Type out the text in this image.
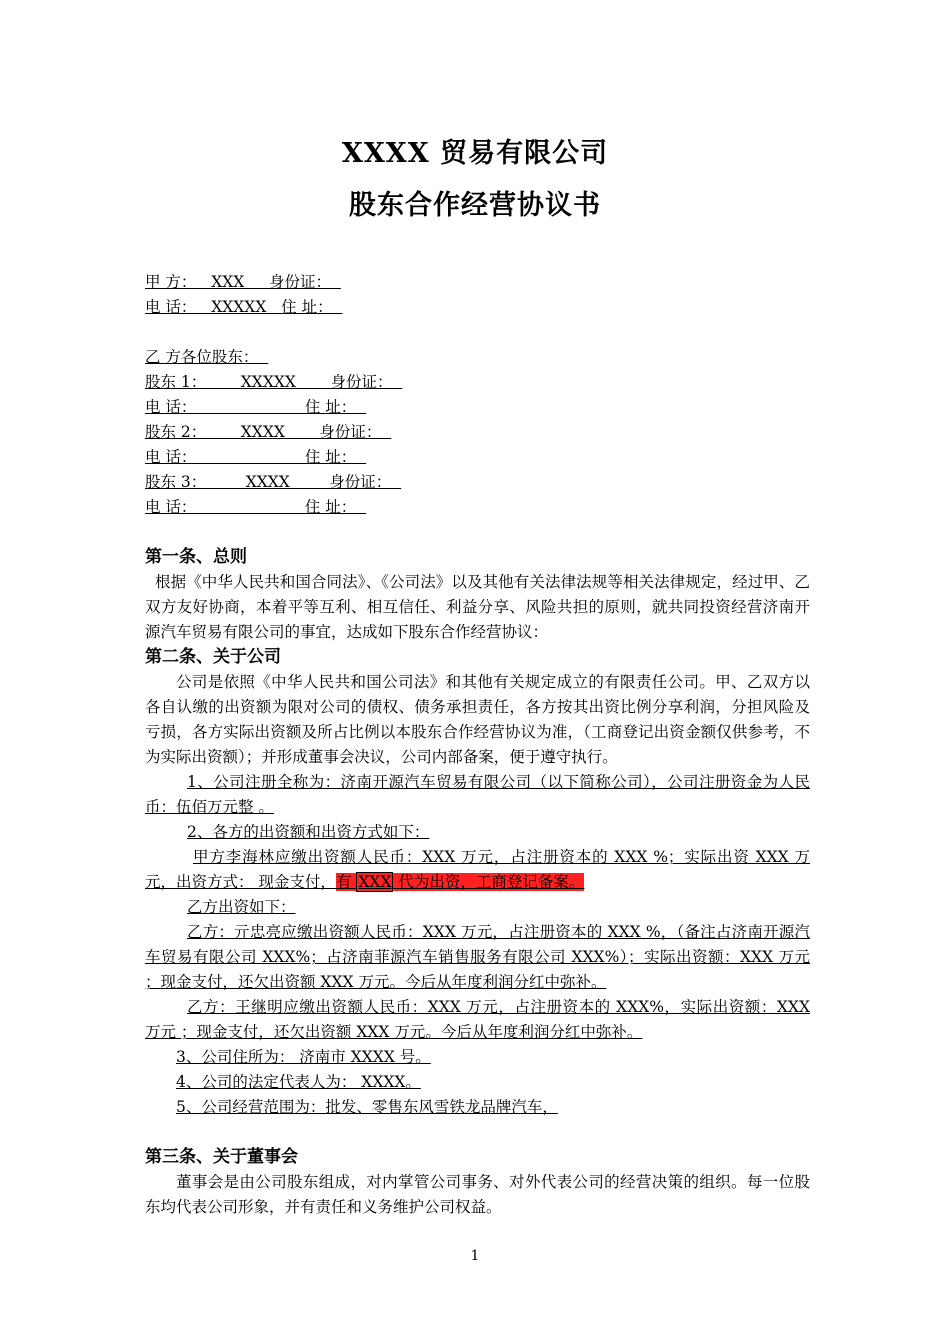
XXXX 贸易有限公司
股东合作经营协议书
甲 方：   XXX     身份证：
电 话：   XXXXX   住 址：
乙 方各位股东：
股东 1：       XXXXX       身份证：
电 话：                      住 址：
股东 2：       XXXX       身份证：
电 话：                      住 址：
股东 3：        XXXX        身份证：
电 话：                      住 址：
第一条、总则
根据《中华人民共和国合同法》、《公司法》以及其他有关法律法规等相关法律规定，经过甲、乙双方友好协商，本着平等互利、相互信任、利益分享、风险共担的原则，就共同投资经营济南开源汽车贸易有限公司的事宜，达成如下股东合作经营协议：
第二条、关于公司
公司是依照《中华人民共和国公司法》和其他有关规定成立的有限责任公司。甲、乙双方以各自认缴的出资额为限对公司的债权、债务承担责任，各方按其出资比例分享利润，分担风险及亏损，各方实际出资额及所占比例以本股东合作经营协议为准，（工商登记出资金额仅供参考，不为实际出资额）；并形成董事会决议，公司内部备案，便于遵守执行。
1、公司注册全称为：济南开源汽车贸易有限公司（以下简称公司），公司注册资金为人民币：伍佰万元整 。
2、各方的出资额和出资方式如下：
甲方李海林应缴出资额人民币：XXX 万元，占注册资本的 XXX %；实际出资 XXX 万元，出资方式： 现金支付，有 XXX 代为出资，工商登记备案。
乙方出资如下：
乙方：亓忠亮应缴出资额人民币：XXX 万元，占注册资本的 XXX %，（备注占济南开源汽车贸易有限公司 XXX%；占济南菲源汽车销售服务有限公司 XXX%）；实际出资额：XXX 万元 ；现金支付，还欠出资额 XXX 万元。今后从年度利润分红中弥补。
乙方：王继明应缴出资额人民币：XXX 万元，占注册资本的 XXX%，实际出资额：XXX 万元 ；现金支付，还欠出资额 XXX 万元。今后从年度利润分红中弥补。
3、公司住所为： 济南市 XXXX 号。
4、公司的法定代表人为： XXXX。
5、公司经营范围为：批发、零售东风雪铁龙品牌汽车，
第三条、关于董事会
董事会是由公司股东组成，对内掌管公司事务、对外代表公司的经营决策的组织。每一位股东均代表公司形象，并有责任和义务维护公司权益。
1
